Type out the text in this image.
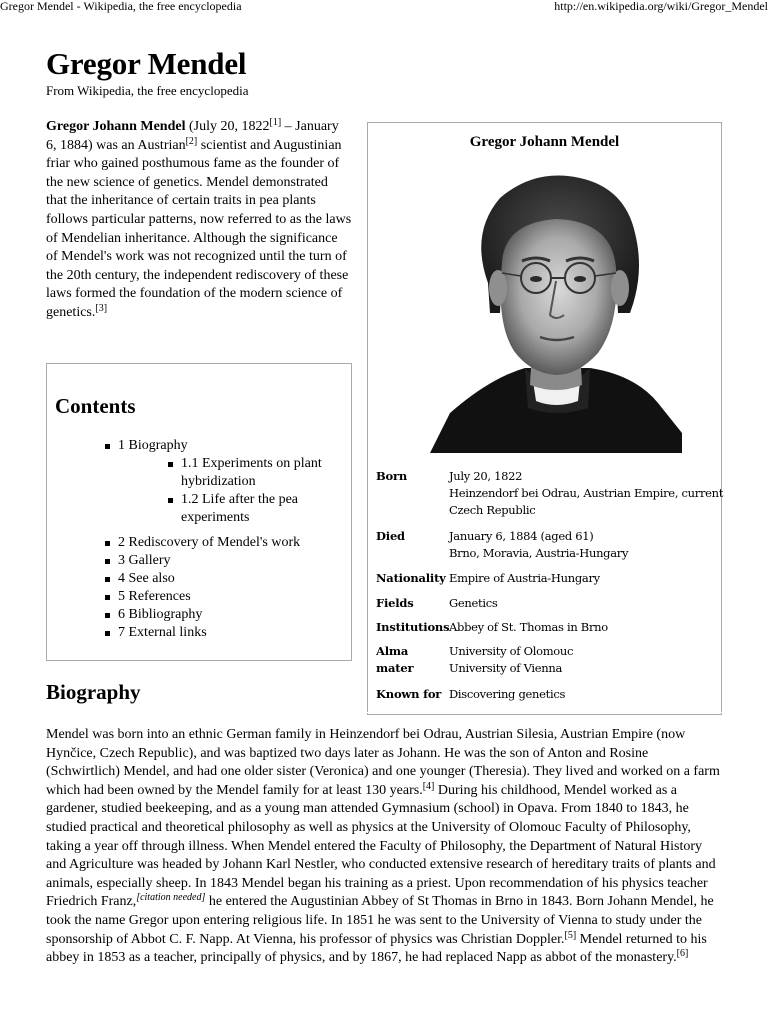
Gregor Mendel - Wikipedia, the free encyclopedia	http://en.wikipedia.org/wiki/Gregor_Mendel
Gregor Mendel
From Wikipedia, the free encyclopedia

Gregor Johann Mendel (July 20, 1822[1] – January 6, 1884) was an Austrian[2] scientist and Augustinian friar who gained posthumous fame as the founder of the new science of genetics. Mendel demonstrated that the inheritance of certain traits in pea plants follows particular patterns, now referred to as the laws of Mendelian inheritance. Although the significance of Mendel's work was not recognized until the turn of the 20th century, the independent rediscovery of these laws formed the foundation of the modern science of genetics.[3]

Contents
1 Biography
1.1 Experiments on plant hybridization
1.2 Life after the pea experiments
2 Rediscovery of Mendel's work
3 Gallery
4 See also
5 References
6 Bibliography
7 External links
Gregor Johann Mendel
Born	July 20, 1822
Heinzendorf bei Odrau, Austrian Empire, current
Czech Republic
Died	January 6, 1884 (aged 61)
Brno, Moravia, Austria-Hungary
Nationality Empire of Austria-Hungary
Fields	Genetics
Institutions Abbey of St. Thomas in Brno
Alma mater
University of Olomouc
University of Vienna
Known for Discovering genetics
Biography

Mendel was born into an ethnic German family in Heinzendorf bei Odrau, Austrian Silesia, Austrian Empire (now Hynčice, Czech Republic), and was baptized two days later as Johann. He was the son of Anton and Rosine (Schwirtlich) Mendel, and had one older sister (Veronica) and one younger (Theresia). They lived and worked on a farm which had been owned by the Mendel family for at least 130 years.[4] During his childhood, Mendel worked as a gardener, studied beekeeping, and as a young man attended Gymnasium (school) in Opava. From 1840 to 1843, he studied practical and theoretical philosophy as well as physics at the University of Olomouc Faculty of Philosophy, taking a year off through illness. When Mendel entered the Faculty of Philosophy, the Department of Natural History and Agriculture was headed by Johann Karl Nestler, who conducted extensive research of hereditary traits of plants and animals, especially sheep. In 1843 Mendel began his training as a priest. Upon recommendation of his physics teacher Friedrich Franz,[citation needed] he entered the Augustinian Abbey of St Thomas in Brno in 1843. Born Johann Mendel, he took the name Gregor upon entering religious life. In 1851 he was sent to the University of Vienna to study under the sponsorship of Abbot C. F. Napp. At Vienna, his professor of physics was Christian Doppler.[5] Mendel returned to his abbey in 1853 as a teacher, principally of physics, and by 1867, he had replaced Napp as abbot of the monastery.[6]
